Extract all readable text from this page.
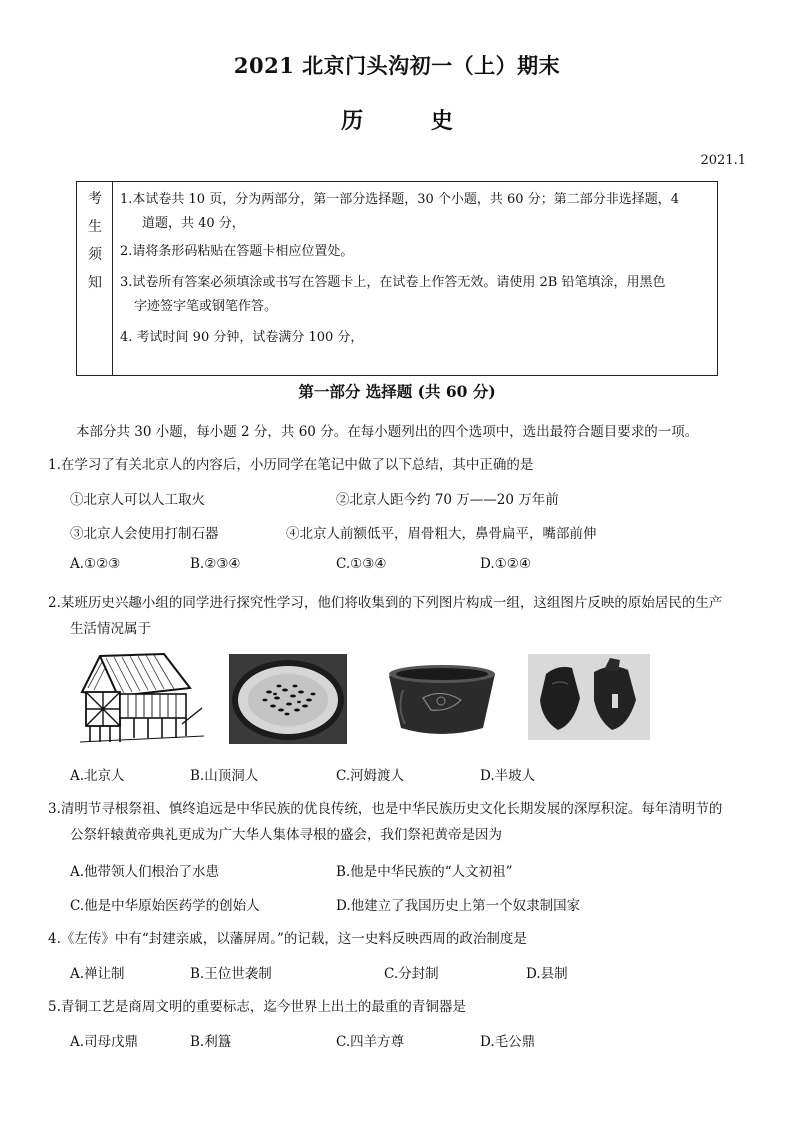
2021 北京门头沟初一（上）期末
历 史
2021.1
考
生
须
知
1.本试卷共 10 页，分为两部分，第一部分选择题，30 个小题，共 60 分；第二部分非选择题，4
道题，共 40 分，
2.请将条形码粘贴在答题卡相应位置处。
3.试卷所有答案必须填涂或书写在答题卡上，在试卷上作答无效。请使用 2B 铅笔填涂，用黑色
字迹签字笔或钢笔作答。
4. 考试时间 90 分钟，试卷满分 100 分，
第一部分 选择题 (共 60 分)
本部分共 30 小题，每小题 2 分，共 60 分。在每小题列出的四个选项中，选出最符合题目要求的一项。
1.在学习了有关北京人的内容后，小历同学在笔记中做了以下总结，其中正确的是
①北京人可以人工取火	②北京人距今约 70 万——20 万年前
③北京人会使用打制石器	④北京人前额低平，眉骨粗大，鼻骨扁平，嘴部前伸
A.①②③	B.②③④	C.①③④	D.①②④
2.某班历史兴趣小组的同学进行探究性学习，他们将收集到的下列图片构成一组，这组图片反映的原始居民的生产
生活情况属于
A.北京人	B.山顶洞人	C.河姆渡人	D.半坡人
3.清明节寻根祭祖、慎终追远是中华民族的优良传统，也是中华民族历史文化长期发展的深厚积淀。每年清明节的
公祭轩辕黄帝典礼更成为广大华人集体寻根的盛会，我们祭祀黄帝是因为
A.他带领人们根治了水患	B.他是中华民族的“人文初祖”
C.他是中华原始医药学的创始人	D.他建立了我国历史上第一个奴隶制国家
4.《左传》中有“封建亲戚，以藩屏周。”的记载，这一史料反映西周的政治制度是
A.禅让制	B.王位世袭制	C.分封制	D.县制
5.青铜工艺是商周文明的重要标志，迄今世界上出土的最重的青铜器是
A.司母戊鼎	B.利簋	C.四羊方尊	D.毛公鼎
